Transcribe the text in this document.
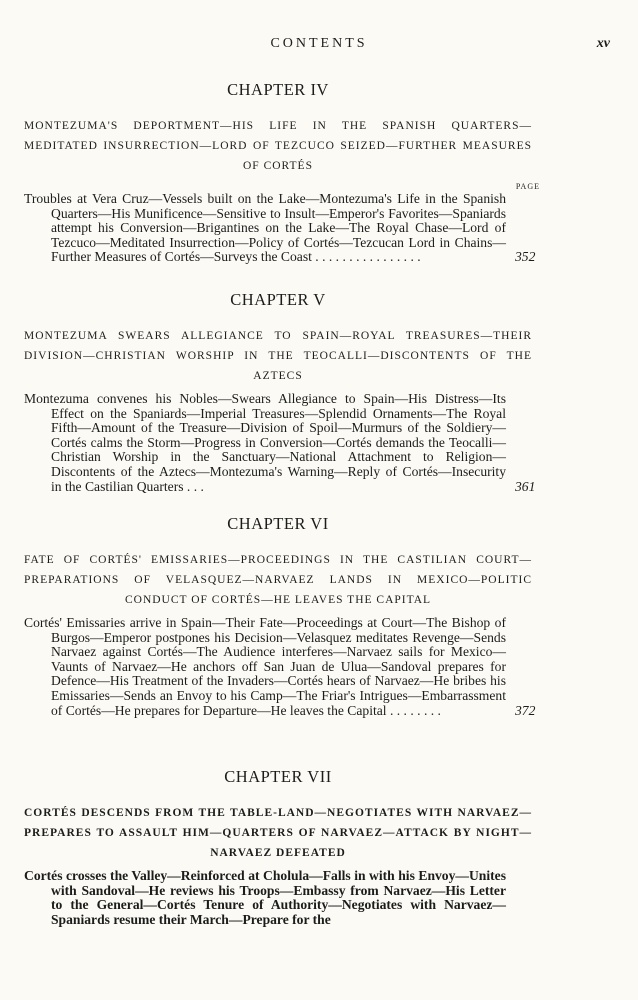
CONTENTS	xv
CHAPTER IV

MONTEZUMA'S DEPORTMENT—HIS LIFE IN THE SPANISH QUARTERS—MEDITATED INSURRECTION—LORD OF TEZCUCO SEIZED—FURTHER MEASURES OF CORTÉS

PAGE

Troubles at Vera Cruz—Vessels built on the Lake—Montezuma's Life in the Spanish Quarters—His Munificence—Sensitive to Insult—Emperor's Favorites—Spaniards attempt his Conversion—Brigantines on the Lake—The Royal Chase—Lord of Tezcuco—Meditated Insurrection—Policy of Cortés—Tezcucan Lord in Chains—Further Measures of Cortés—Surveys the Coast . . . . . . . . . . . . . . . .	352

CHAPTER V

MONTEZUMA SWEARS ALLEGIANCE TO SPAIN—ROYAL TREASURES—THEIR DIVISION—CHRISTIAN WORSHIP IN THE TEOCALLI—DISCONTENTS OF THE AZTECS

Montezuma convenes his Nobles—Swears Allegiance to Spain—His Distress—Its Effect on the Spaniards—Imperial Treasures—Splendid Ornaments—The Royal Fifth—Amount of the Treasure—Division of Spoil—Murmurs of the Soldiery—Cortés calms the Storm—Progress in Conversion—Cortés demands the Teocalli—Christian Worship in the Sanctuary—National Attachment to Religion—Discontents of the Aztecs—Montezuma's Warning—Reply of Cortés—Insecurity in the Castilian Quarters . . .	361

CHAPTER VI

FATE OF CORTÉS' EMISSARIES—PROCEEDINGS IN THE CASTILIAN COURT—PREPARATIONS OF VELASQUEZ—NARVAEZ LANDS IN MEXICO—POLITIC CONDUCT OF CORTÉS—HE LEAVES THE CAPITAL

Cortés' Emissaries arrive in Spain—Their Fate—Proceedings at Court—The Bishop of Burgos—Emperor postpones his Decision—Velasquez meditates Revenge—Sends Narvaez against Cortés—The Audience interferes—Narvaez sails for Mexico—Vaunts of Narvaez—He anchors off San Juan de Ulua—Sandoval prepares for Defence—His Treatment of the Invaders—Cortés hears of Narvaez—He bribes his Emissaries—Sends an Envoy to his Camp—The Friar's Intrigues—Embarrassment of Cortés—He prepares for Departure—He leaves the Capital . . . . . . . .	372

CHAPTER VII

CORTÉS DESCENDS FROM THE TABLE-LAND—NEGOTIATES WITH NARVAEZ—PREPARES TO ASSAULT HIM—QUARTERS OF NARVAEZ—ATTACK BY NIGHT—NARVAEZ DEFEATED

Cortés crosses the Valley—Reinforced at Cholula—Falls in with his Envoy—Unites with Sandoval—He reviews his Troops—Embassy from Narvaez—His Letter to the General—Cortés Tenure of Authority—Negotiates with Narvaez—Spaniards resume their March—Prepare for the
